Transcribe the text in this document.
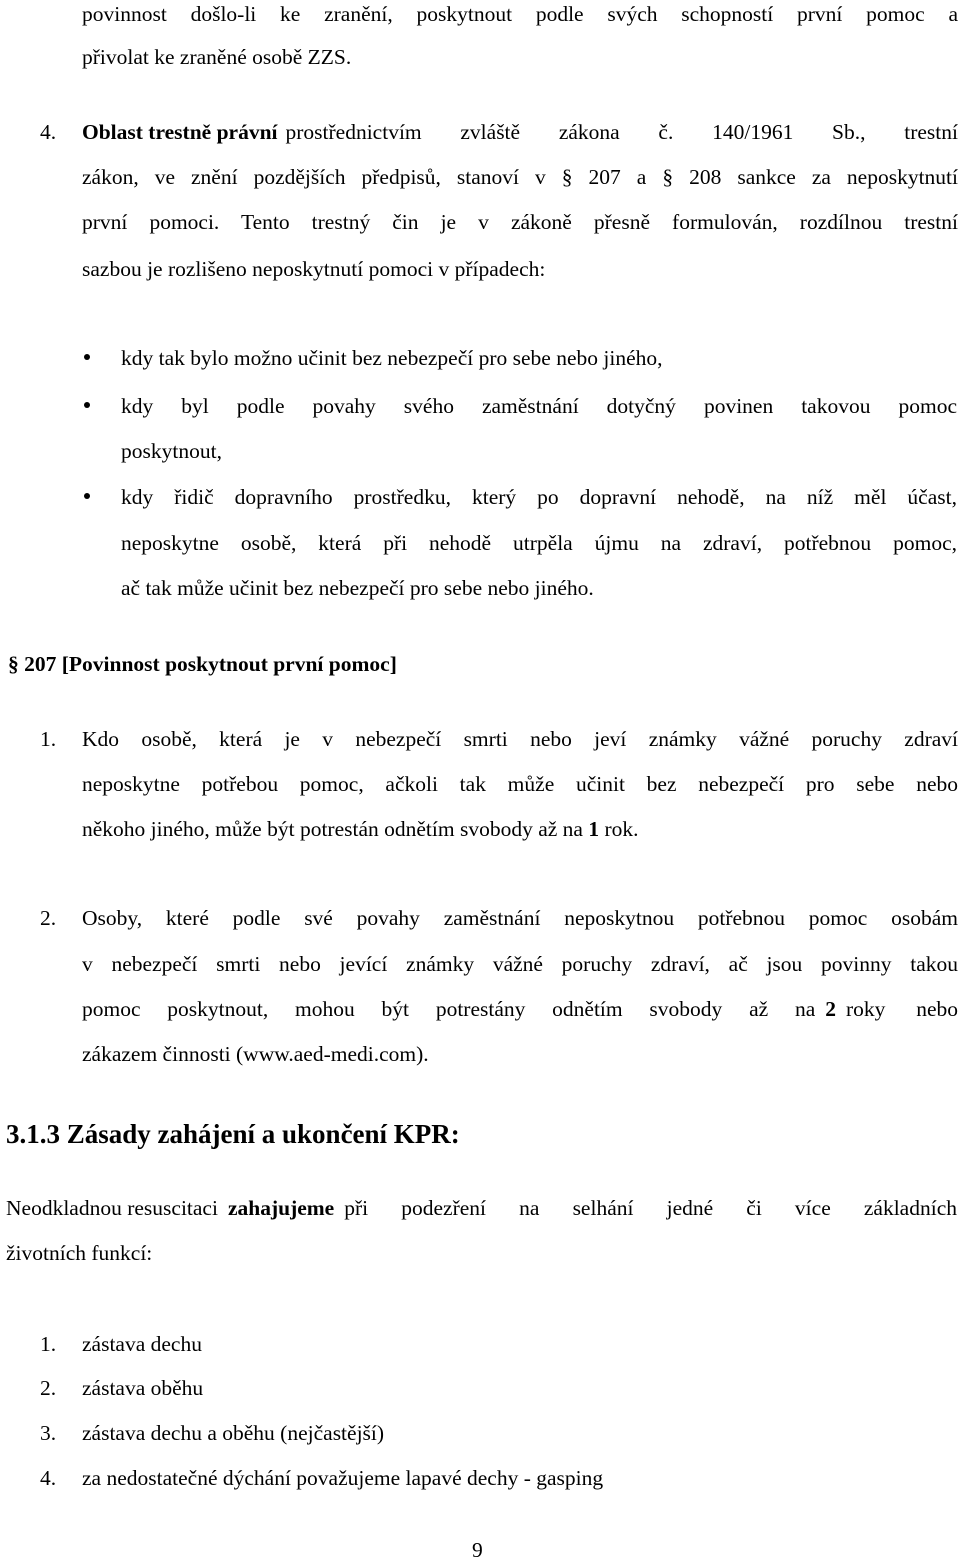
povinnost došlo-li ke zranění, poskytnout podle svých schopností první pomoc a
přivolat ke zraněné osobě ZZS.
4. Oblast trestně právní prostřednictvím zvláště zákona č. 140/1961 Sb., trestní
zákon, ve znění pozdějších předpisů, stanoví v § 207 a § 208 sankce za neposkytnutí
první pomoci. Tento trestný čin je v zákoně přesně formulován, rozdílnou trestní
sazbou je rozlišeno neposkytnutí pomoci v případech:
kdy tak bylo možno učinit bez nebezpečí pro sebe nebo jiného,
kdy byl podle povahy svého zaměstnání dotyčný povinen takovou pomoc
poskytnout,
kdy řidič dopravního prostředku, který po dopravní nehodě, na níž měl účast,
neposkytne osobě, která při nehodě utrpěla újmu na zdraví, potřebnou pomoc,
ač tak může učinit bez nebezpečí pro sebe nebo jiného.
§ 207 [Povinnost poskytnout první pomoc]
1. Kdo osobě, která je v nebezpečí smrti nebo jeví známky vážné poruchy zdraví
neposkytne potřebou pomoc, ačkoli tak může učinit bez nebezpečí pro sebe nebo
někoho jiného, může být potrestán odnětím svobody až na 1 rok.
2. Osoby, které podle své povahy zaměstnání neposkytnou potřebnou pomoc osobám
v nebezpečí smrti nebo jevící známky vážné poruchy zdraví, ač jsou povinny takou
pomoc poskytnout, mohou být potrestány odnětím svobody až na 2 roky nebo
zákazem činnosti (www.aed-medi.com).
3.1.3 Zásady zahájení a ukončení KPR:
Neodkladnou resuscitaci zahajujeme při podezření na selhání jedné či více základních
životních funkcí:
1. zástava dechu
2. zástava oběhu
3. zástava dechu a oběhu (nejčastější)
4. za nedostatečné dýchání považujeme lapavé dechy - gasping
9
